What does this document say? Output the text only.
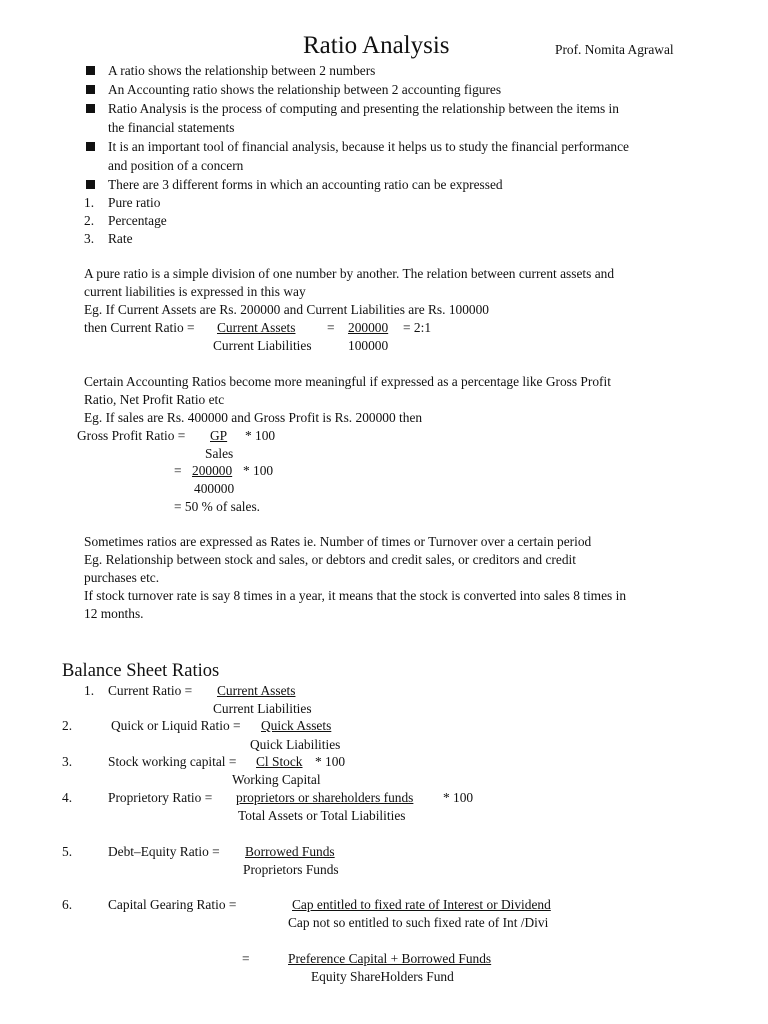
Ratio Analysis	Prof. Nomita Agrawal
A ratio shows the relationship between 2 numbers
An Accounting ratio shows the relationship between 2 accounting figures
Ratio Analysis is the process of computing and presenting the relationship between the items in
the financial statements
It is an important tool of financial analysis, because it helps us to study the financial performance
and position of a concern
There are 3 different forms in which an accounting ratio can be expressed
1. Pure ratio
2. Percentage
3. Rate
A pure ratio is a simple division of one number by another. The relation between current assets and
current liabilities is expressed in this way
Eg. If Current Assets are Rs. 200000 and Current Liabilities are Rs. 100000
then Current Ratio = Current Assets = 200000 = 2:1
Current Liabilities	100000
Certain Accounting Ratios become more meaningful if expressed as a percentage like Gross Profit
Ratio, Net Profit Ratio etc
Eg. If sales are Rs. 400000 and Gross Profit is Rs. 200000 then
Gross Profit Ratio = GP * 100
Sales
= 200000 * 100
400000
= 50 % of sales.
Sometimes ratios are expressed as Rates ie. Number of times or Turnover over a certain period
Eg. Relationship between stock and sales, or debtors and credit sales, or creditors and credit
purchases etc.
If stock turnover rate is say 8 times in a year, it means that the stock is converted into sales 8 times in
12 months.
Balance Sheet Ratios
1. Current Ratio = Current Assets
Current Liabilities
2.	Quick or Liquid Ratio = Quick Assets
Quick Liabilities
3.	Stock working capital = Cl Stock * 100
Working Capital
4.	Proprietory Ratio = proprietors or shareholders funds * 100
Total Assets or Total Liabilities
5.	Debt–Equity Ratio = Borrowed Funds
Proprietors Funds
6.	Capital Gearing Ratio =	Cap entitled to fixed rate of Interest or Dividend
Cap not so entitled to such fixed rate of Int /Divi
=	Preference Capital + Borrowed Funds
Equity ShareHolders Fund
